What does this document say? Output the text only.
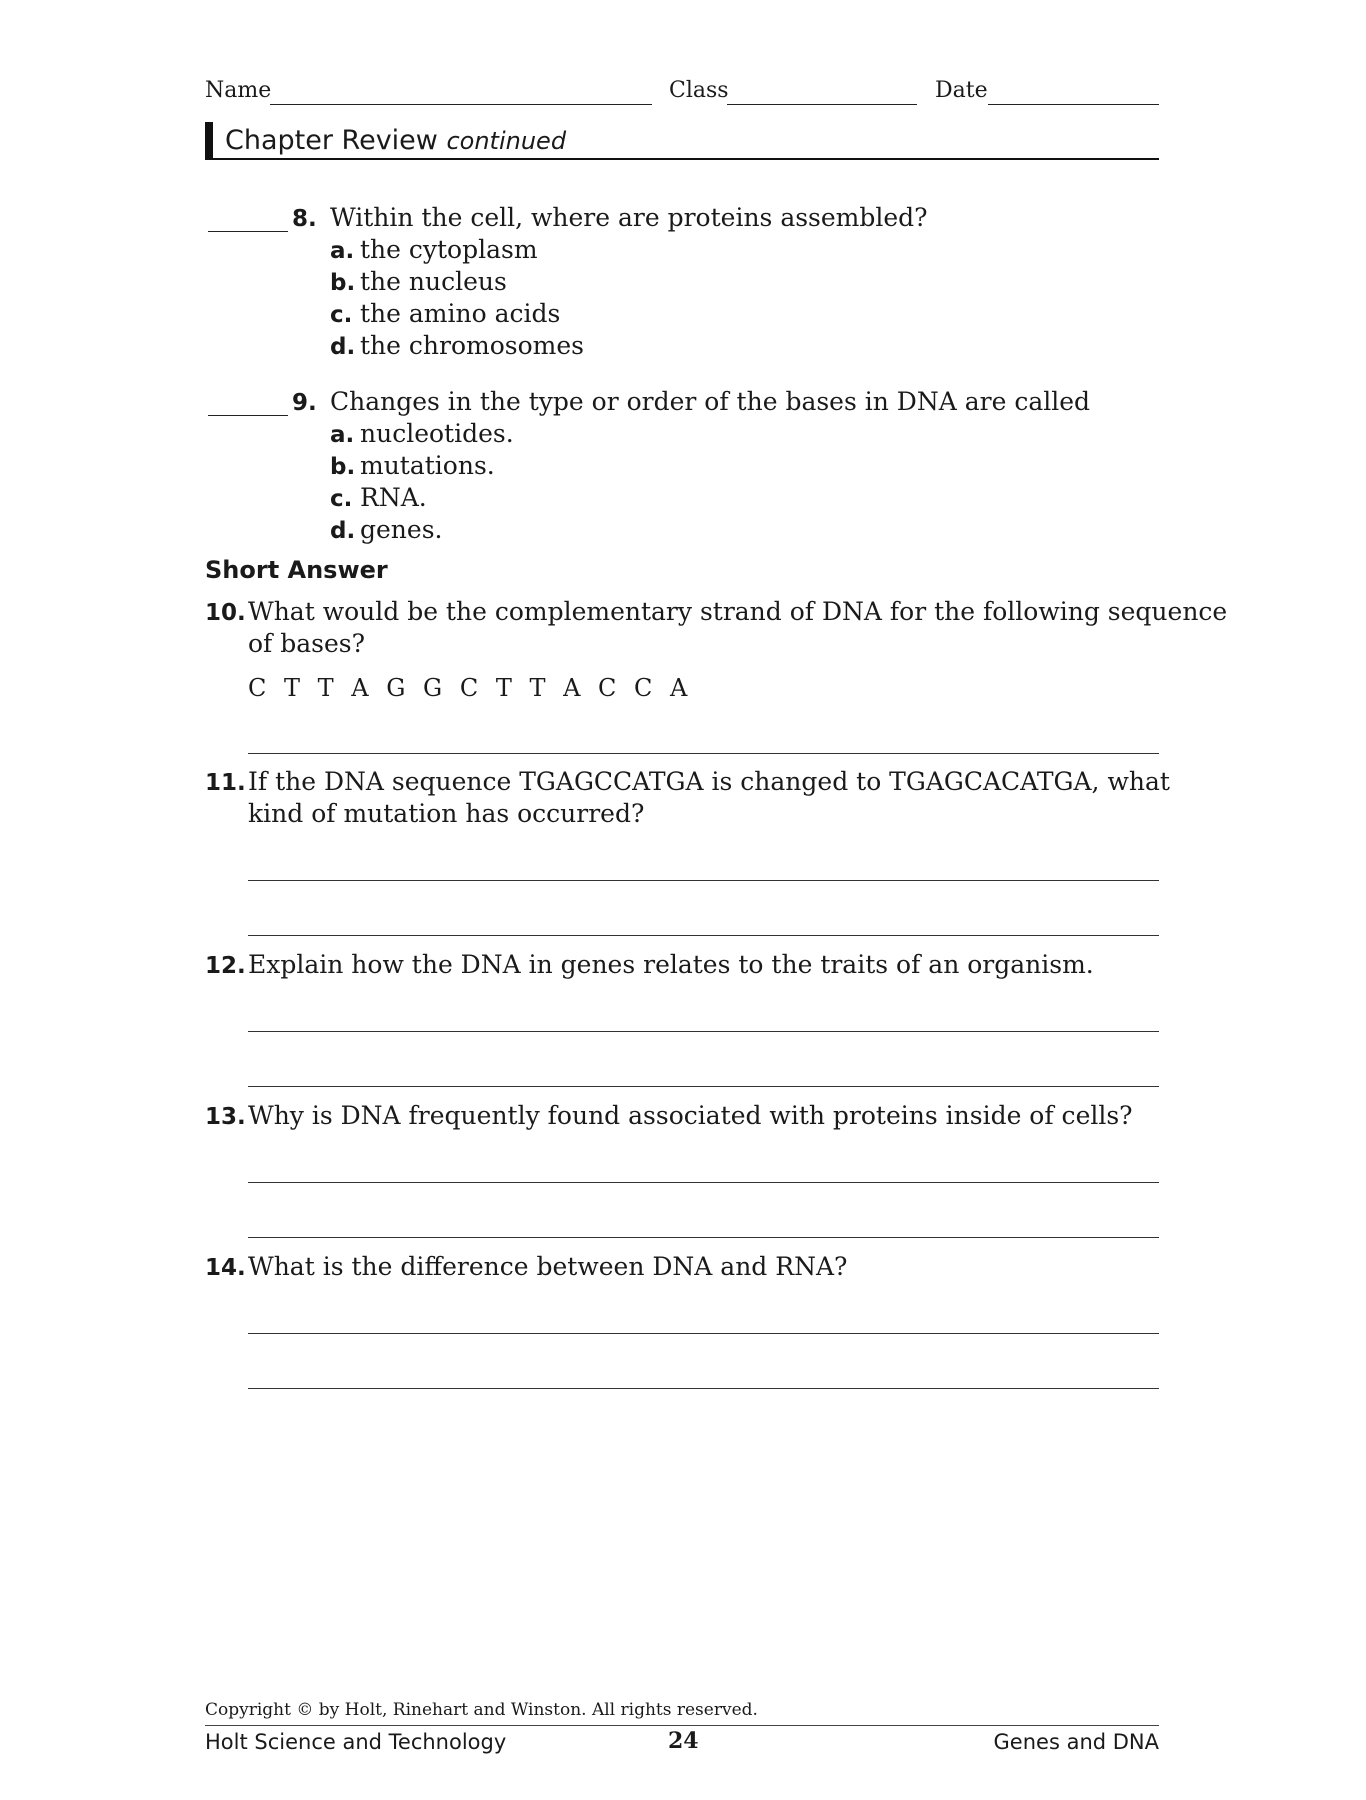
Name	Class	Date
Chapter Review continued
8. Within the cell, where are proteins assembled?
a. the cytoplasm
b. the nucleus
c. the amino acids
d. the chromosomes
9. Changes in the type or order of the bases in DNA are called
a. nucleotides.
b. mutations.
c. RNA.
d. genes.
Short Answer
10. What would be the complementary strand of DNA for the following sequence
of bases?
C T T A G G C T T A C C A
11. If the DNA sequence TGAGCCATGA is changed to TGAGCACATGA, what
kind of mutation has occurred?
12. Explain how the DNA in genes relates to the traits of an organism.
13. Why is DNA frequently found associated with proteins inside of cells?
14. What is the difference between DNA and RNA?
Copyright © by Holt, Rinehart and Winston. All rights reserved.
Holt Science and Technology	24	Genes and DNA
